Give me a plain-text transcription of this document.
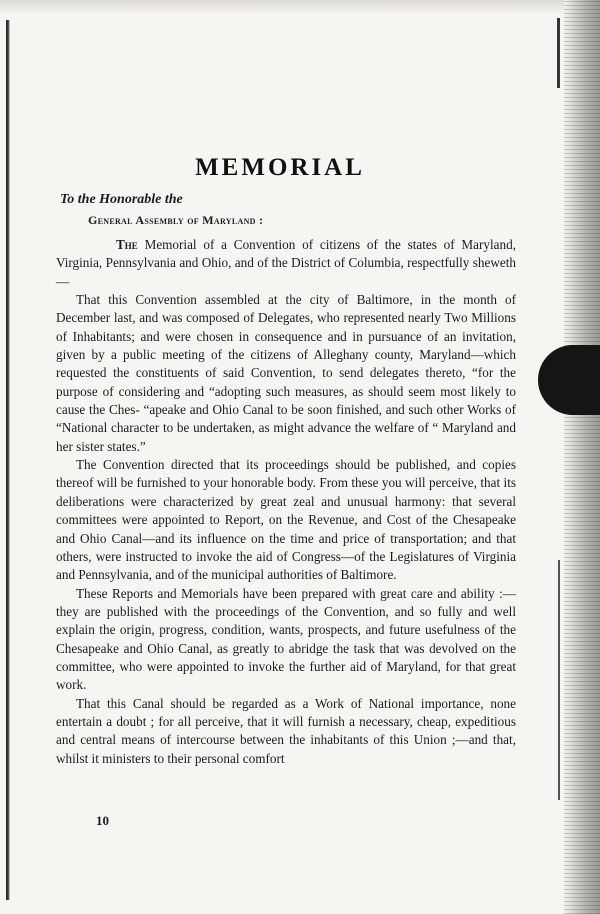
MEMORIAL
To the Honorable the
General Assembly of Maryland :

The Memorial of a Convention of citizens of the states of Maryland, Virginia, Pennsylvania and Ohio, and of the District of Columbia, respectfully sheweth—

That this Convention assembled at the city of Baltimore, in the month of December last, and was composed of Delegates, who represented nearly Two Millions of Inhabitants; and were chosen in consequence and in pursuance of an invitation, given by a public meeting of the citizens of Alleghany county, Maryland—which requested the constituents of said Convention, to send delegates thereto, “for the purpose of considering and “adopting such measures, as should seem most likely to cause the Ches- “apeake and Ohio Canal to be soon finished, and such other Works of “National character to be undertaken, as might advance the welfare of “ Maryland and her sister states.”

The Convention directed that its proceedings should be published, and copies thereof will be furnished to your honorable body. From these you will perceive, that its deliberations were characterized by great zeal and unusual harmony: that several committees were appointed to Report, on the Revenue, and Cost of the Chesapeake and Ohio Canal—and its influence on the time and price of transportation; and that others, were instructed to invoke the aid of Congress—of the Legislatures of Virginia and Pennsylvania, and of the municipal authorities of Baltimore.

These Reports and Memorials have been prepared with great care and ability :—they are published with the proceedings of the Convention, and so fully and well explain the origin, progress, condition, wants, prospects, and future usefulness of the Chesapeake and Ohio Canal, as greatly to abridge the task that was devolved on the committee, who were appointed to invoke the further aid of Maryland, for that great work.

That this Canal should be regarded as a Work of National importance, none entertain a doubt ; for all perceive, that it will furnish a necessary, cheap, expeditious and central means of intercourse between the inhabitants of this Union ;—and that, whilst it ministers to their personal comfort

10
